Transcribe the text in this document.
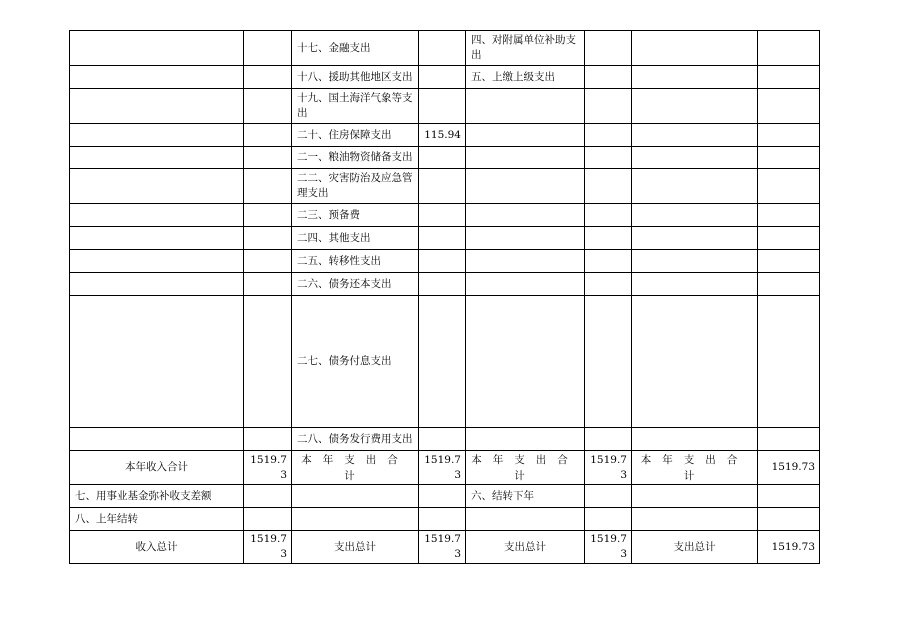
		十七、金融支出		四、对附属单位补助支出			
		十八、援助其他地区支出		五、上缴上级支出			
		十九、国土海洋气象等支出					
		二十、住房保障支出	115.94				
		二一、粮油物资储备支出					
		二二、灾害防治及应急管理支出					
		二三、预备费					
		二四、其他支出					
		二五、转移性支出					
		二六、债务还本支出					
		二七、债务付息支出					
		二八、债务发行费用支出					
本年收入合计	1519.73	本年支出合计	1519.73	本年支出合计	1519.73	本年支出合计	1519.73
七、用事业基金弥补收支差额				六、结转下年			
八、上年结转							
收入总计	1519.73	支出总计	1519.73	支出总计	1519.73	支出总计	1519.73
